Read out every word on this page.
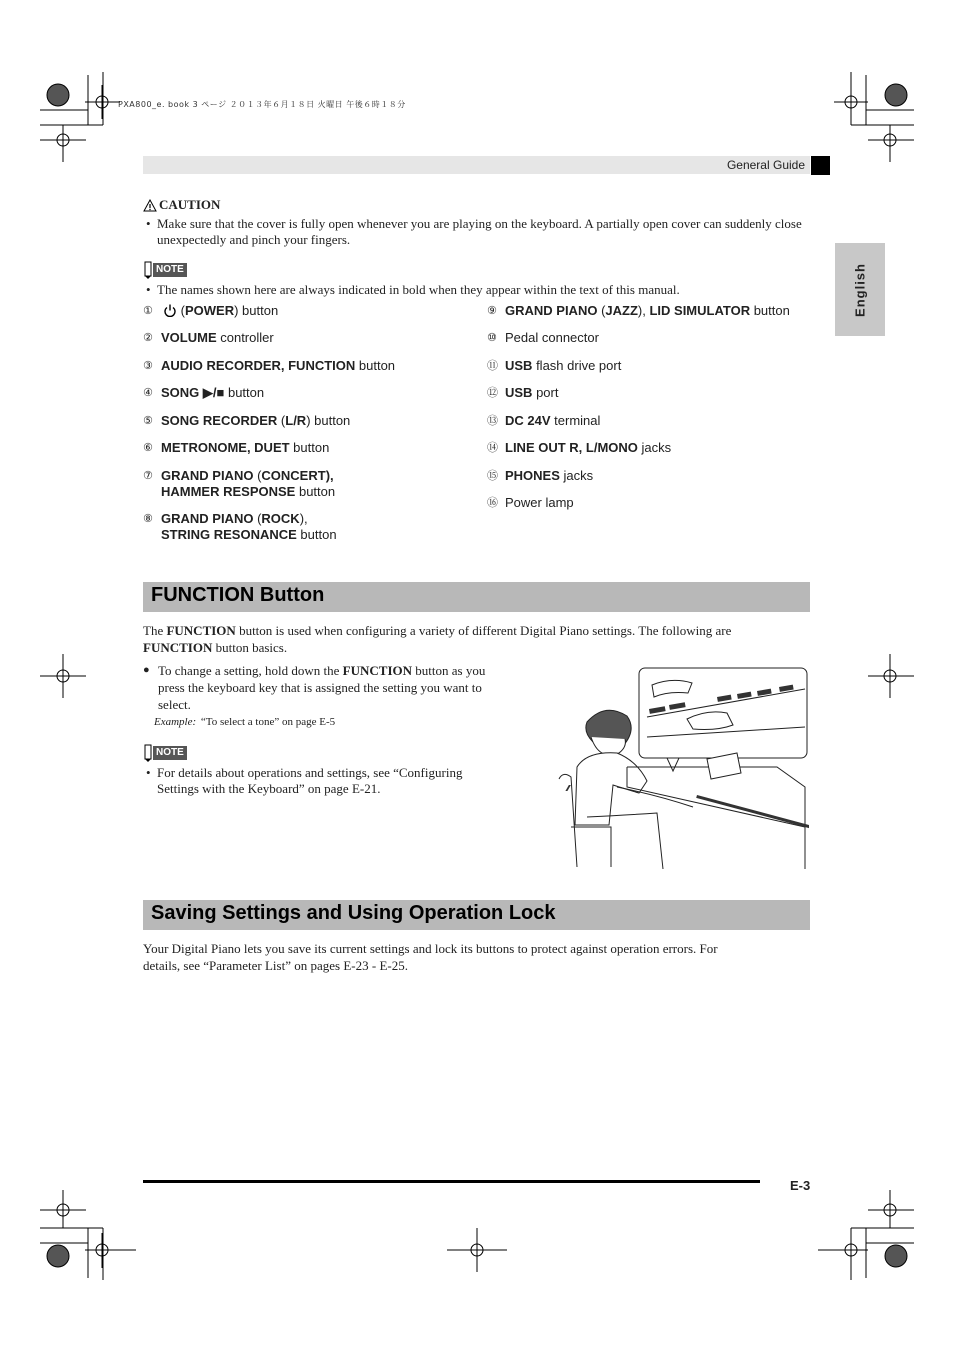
PXA800_e. book 3 ページ ２０１３年６月１８日 火曜日 午後６時１８分
General Guide
English
CAUTION
• Make sure that the cover is fully open whenever you are playing on the keyboard. A partially open cover can suddenly close unexpectedly and pinch your fingers.
NOTE
• The names shown here are always indicated in bold when they appear within the text of this manual.
①	(POWER) button
② VOLUME controller
③ AUDIO RECORDER, FUNCTION button
④ SONG ▶/■ button
⑤ SONG RECORDER (L/R) button
⑥ METRONOME, DUET button
⑦ GRAND PIANO (CONCERT),
HAMMER RESPONSE button
⑧ GRAND PIANO (ROCK),
STRING RESONANCE button
⑨ GRAND PIANO (JAZZ), LID SIMULATOR button
⑩ Pedal connector
⑪ USB flash drive port
⑫ USB port
⑬ DC 24V terminal
⑭ LINE OUT R, L/MONO jacks
⑮ PHONES jacks
⑯ Power lamp
FUNCTION Button
The FUNCTION button is used when configuring a variety of different Digital Piano settings. The following are
FUNCTION button basics.
● To change a setting, hold down the FUNCTION button as you
press the keyboard key that is assigned the setting you want to
select.
Example: “To select a tone” on page E-5
NOTE
• For details about operations and settings, see “Configuring
Settings with the Keyboard” on page E-21.
Saving Settings and Using Operation Lock
Your Digital Piano lets you save its current settings and lock its buttons to protect against operation errors. For
details, see “Parameter List” on pages E-23 - E-25.
E-3
